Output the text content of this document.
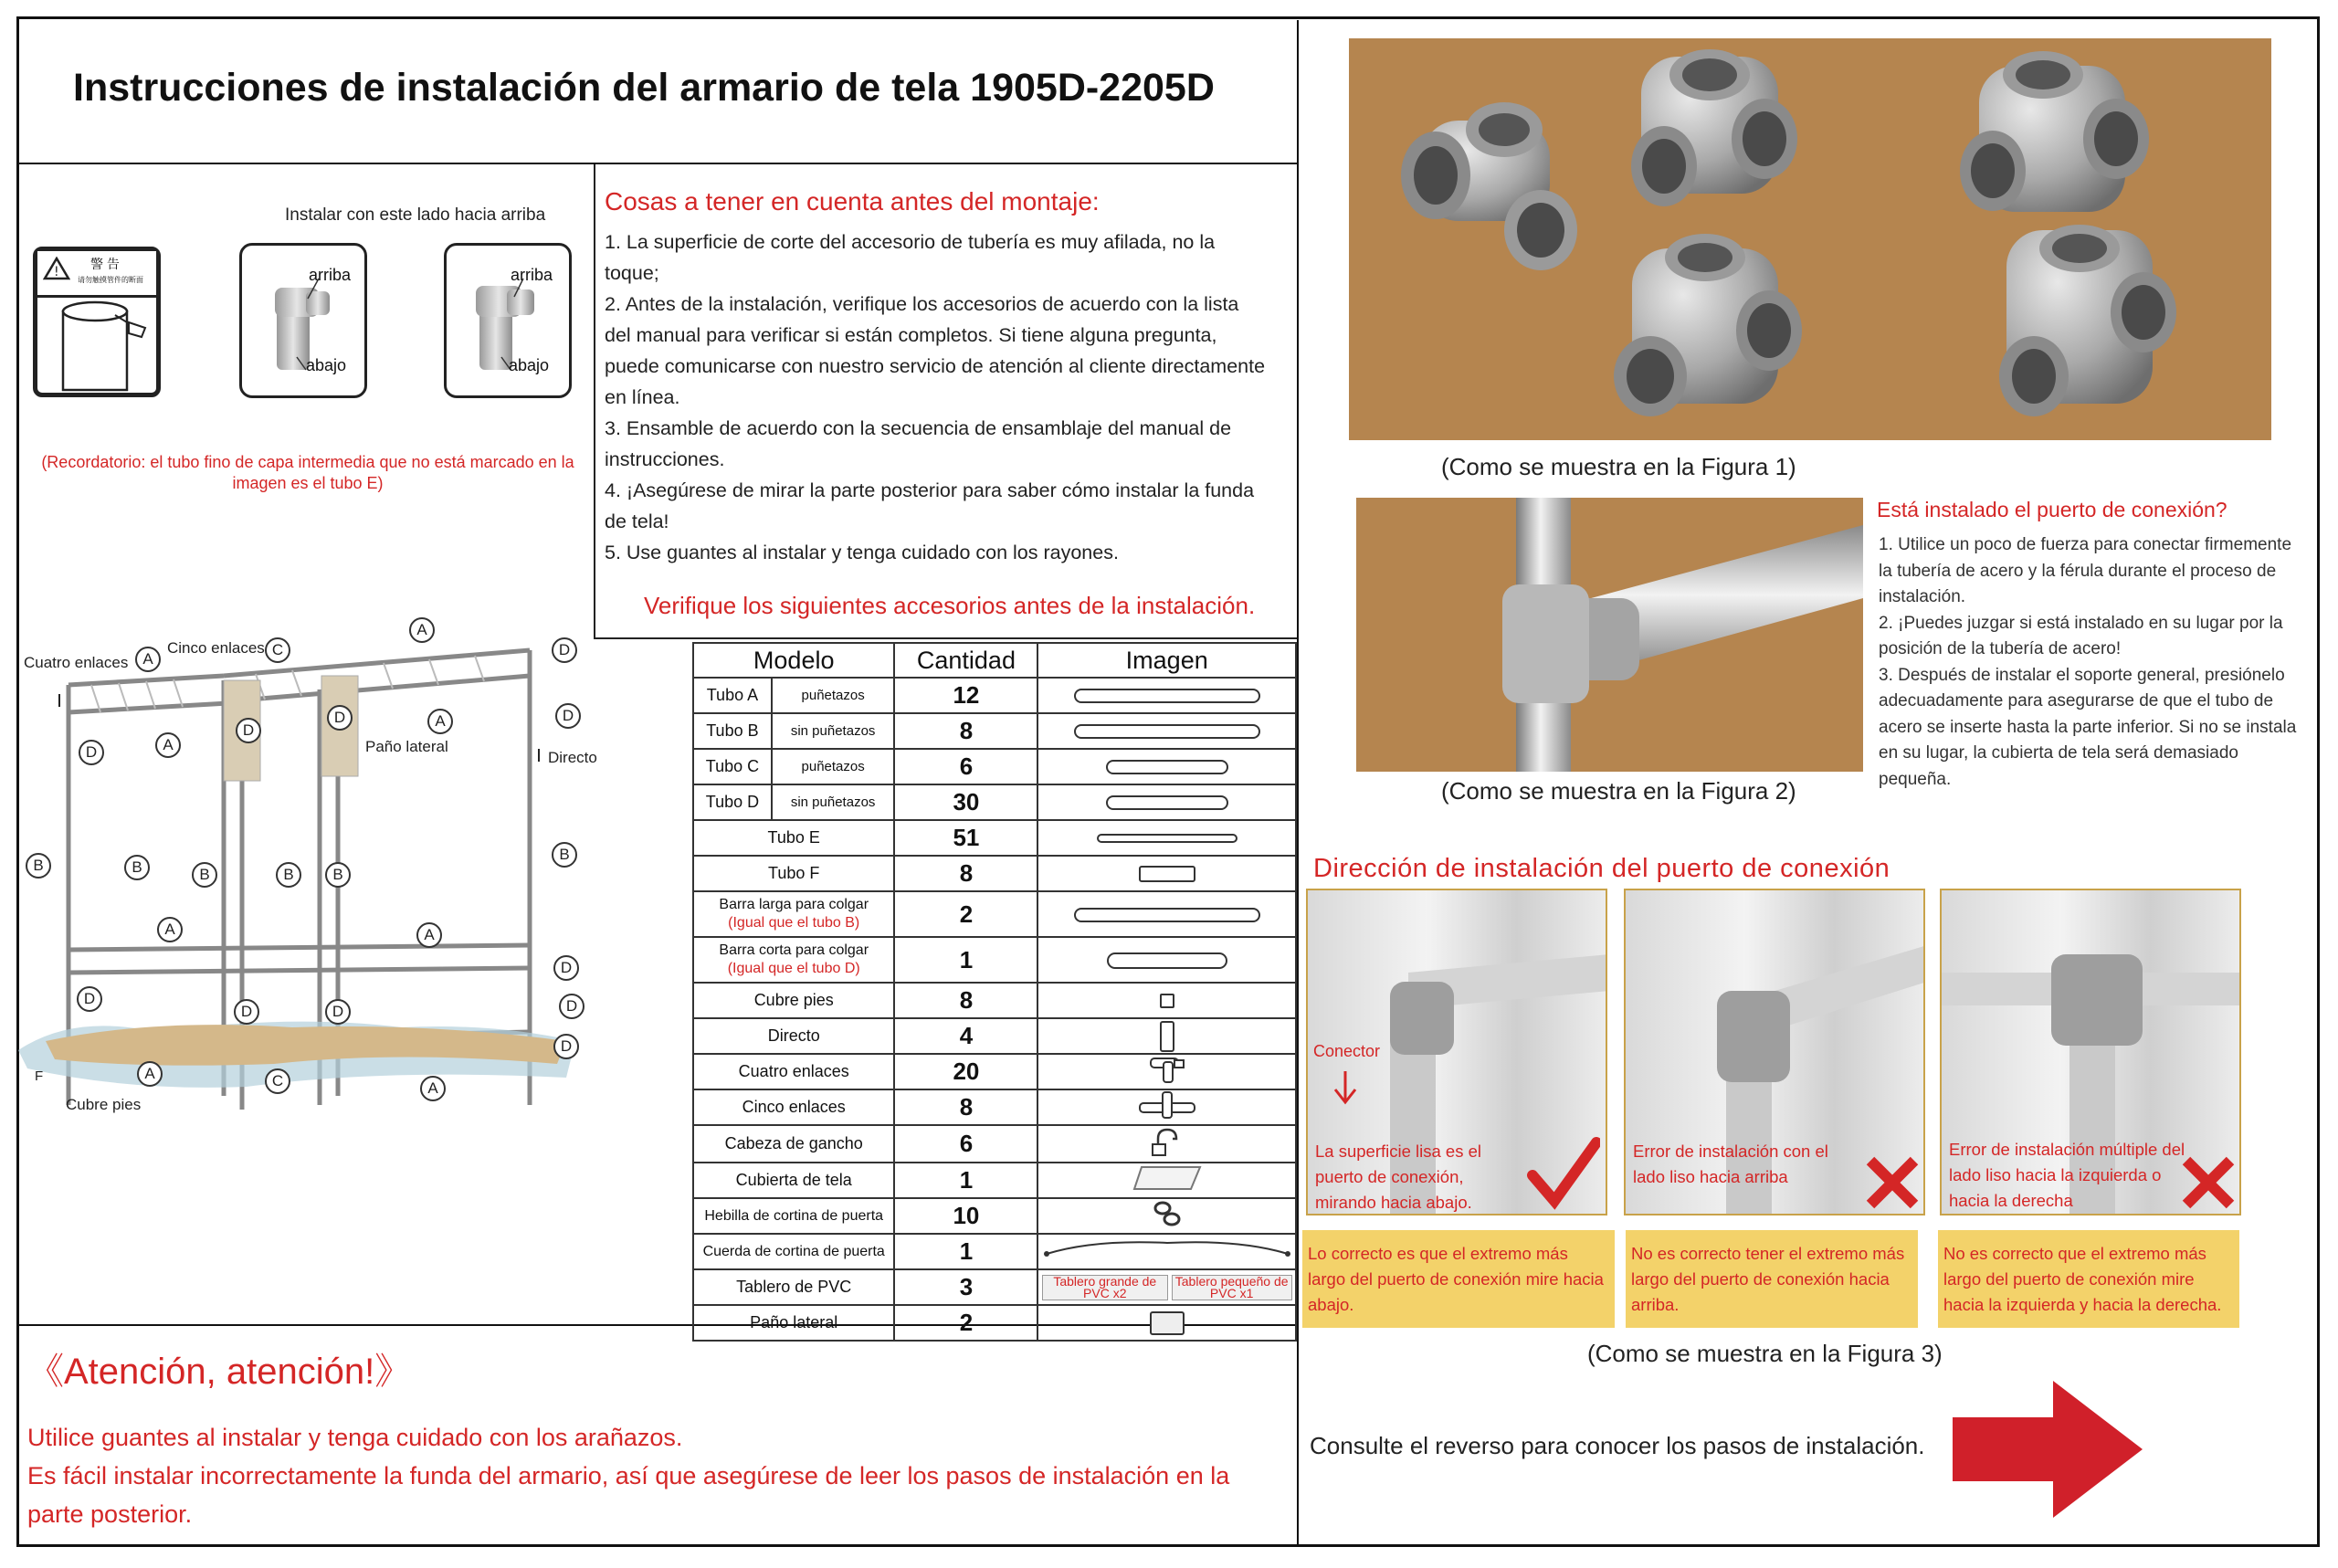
Instrucciones de instalación del armario de tela 1905D-2205D
Instalar con este lado hacia arriba
!
警 告
请勿触摸管件的断面	arriba
abajo
arriba
abajo
(Recordatorio: el tubo fino de capa intermedia que no está marcado en la imagen es el tubo E)
Cosas a tener en cuenta antes del montaje:
1. La superficie de corte del accesorio de tubería es muy afilada, no la toque;
2. Antes de la instalación, verifique los accesorios de acuerdo con la lista del manual para verificar si están completos. Si tiene alguna pregunta, puede comunicarse con nuestro servicio de atención al cliente directamente en línea.
3. Ensamble de acuerdo con la secuencia de ensamblaje del manual de instrucciones.
4. ¡Asegúrese de mirar la parte posterior para saber cómo instalar la funda de tela!
5. Use guantes al instalar y tenga cuidado con los rayones.
Verifique los siguientes accesorios antes de la instalación.
Cuatro enlaces
Cinco enlaces
Paño lateral
Directo
Cubre pies
F
A
C
A
D
D
A
A
D
D
D
B	B	B	B	B
B
A	A
D
D
D
D
D	D
A	C	A
Modelo		Cantidad	Imagen
Tubo A	puñetazos	12	
Tubo B	sin puñetazos	8	
Tubo C	puñetazos	6	
Tubo D	sin puñetazos	30	
Tubo E		51	
Tubo F		8	

Barra larga para colgar
(Igual que el tubo B)		2	

Barra corta para colgar
(Igual que el tubo D)		1	
Cubre pies		8	
Directo		4	
Cuatro enlaces		20	
Cinco enlaces		8	
Cabeza de gancho		6	
Cubierta de tela		1	
Hebilla de cortina de puerta		10	
Cuerda de cortina de puerta		1	
Tablero de PVC		3	Tablero grande de PVC x2 Tablero pequeño de PVC x1
Paño lateral		2	
《Atención, atención!》
Utilice guantes al instalar y tenga cuidado con los arañazos.
Es fácil instalar incorrectamente la funda del armario, así que asegúrese de leer los pasos de instalación en la parte posterior.
(Como se muestra en la Figura 1)
(Como se muestra en la Figura 2)
Está instalado el puerto de conexión?
1. Utilice un poco de fuerza para conectar firmemente la tubería de acero y la férula durante el proceso de instalación.
2. ¡Puedes juzgar si está instalado en su lugar por la posición de la tubería de acero!
3. Después de instalar el soporte general, presiónelo adecuadamente para asegurarse de que el tubo de acero se inserte hasta la parte inferior. Si no se instala en su lugar, la cubierta de tela será demasiado pequeña.
Dirección de instalación del puerto de conexión
Conector
La superficie lisa es el puerto de conexión, mirando hacia abajo.
Error de instalación con el lado liso hacia arriba
Error de instalación múltiple del lado liso hacia la izquierda o hacia la derecha
Lo correcto es que el extremo más largo del puerto de conexión mire hacia abajo.
No es correcto tener el extremo más largo del puerto de conexión hacia arriba.
No es correcto que el extremo más largo del puerto de conexión mire hacia la izquierda y hacia la derecha.
(Como se muestra en la Figura 3)
Consulte el reverso para conocer los pasos de instalación.
